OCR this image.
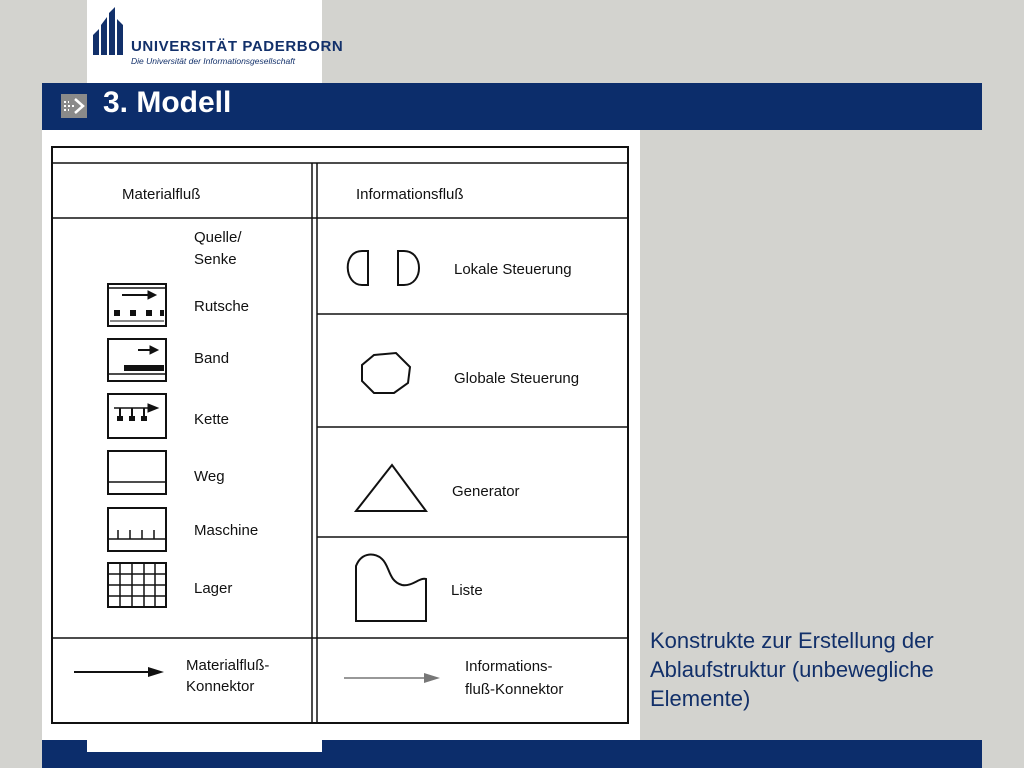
UNIVERSITÄT PADERBORN
Die Universität der Informationsgesellschaft
3. Modell
Materialfluß	Informationsfluß
Quelle/
Senke
Rutsche
Band
Kette
Weg
Maschine
Lager
Lokale Steuerung
Globale Steuerung
Generator
Liste
Materialfluß-
Konnektor
Informations-
fluß-Konnektor
Konstrukte zur Erstellung der Ablaufstruktur (unbewegliche Elemente)
